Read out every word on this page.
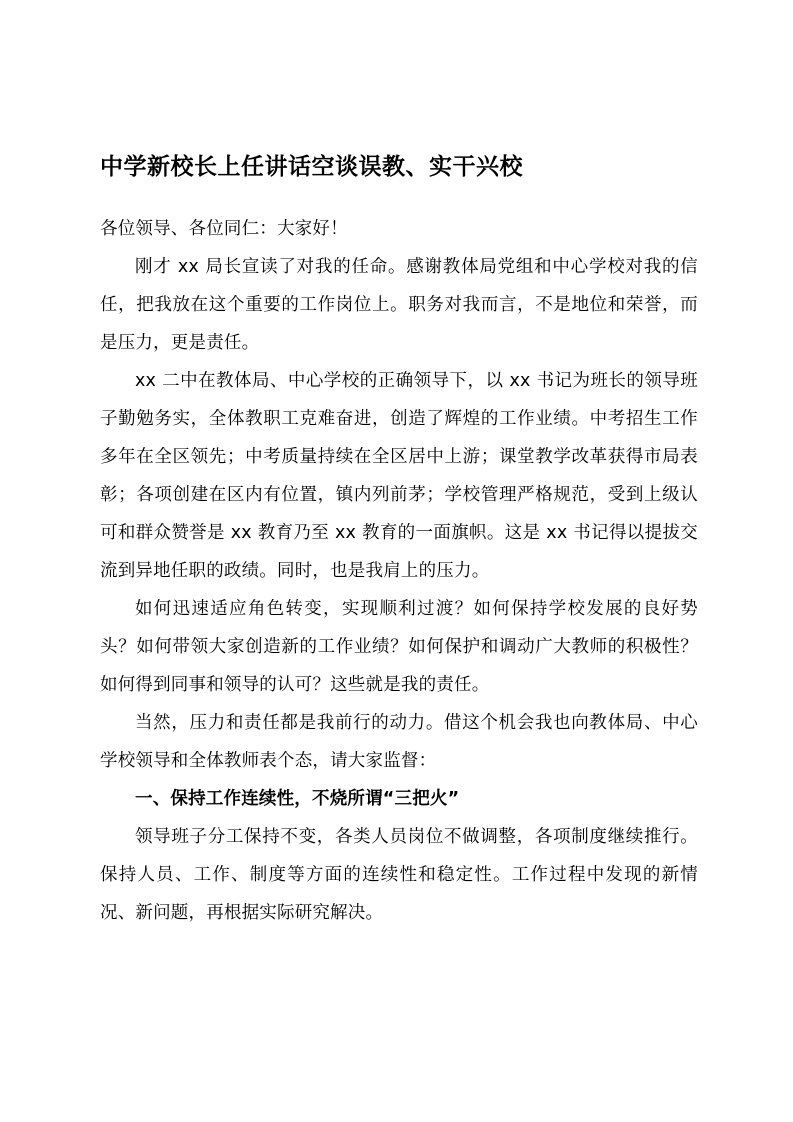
中学新校长上任讲话空谈误教、实干兴校

各位领导、各位同仁：大家好！

刚才 xx 局长宣读了对我的任命。感谢教体局党组和中心学校对我的信任，把我放在这个重要的工作岗位上。职务对我而言，不是地位和荣誉，而是压力，更是责任。

xx 二中在教体局、中心学校的正确领导下，以 xx 书记为班长的领导班子勤勉务实，全体教职工克难奋进，创造了辉煌的工作业绩。中考招生工作多年在全区领先；中考质量持续在全区居中上游；课堂教学改革获得市局表彰；各项创建在区内有位置，镇内列前茅；学校管理严格规范，受到上级认可和群众赞誉是 xx 教育乃至 xx 教育的一面旗帜。这是 xx 书记得以提拔交流到异地任职的政绩。同时，也是我肩上的压力。

如何迅速适应角色转变，实现顺利过渡？如何保持学校发展的良好势头？如何带领大家创造新的工作业绩？如何保护和调动广大教师的积极性？如何得到同事和领导的认可？这些就是我的责任。

当然，压力和责任都是我前行的动力。借这个机会我也向教体局、中心学校领导和全体教师表个态，请大家监督：

一、保持工作连续性，不烧所谓“三把火”

领导班子分工保持不变，各类人员岗位不做调整，各项制度继续推行。保持人员、工作、制度等方面的连续性和稳定性。工作过程中发现的新情况、新问题，再根据实际研究解决。
